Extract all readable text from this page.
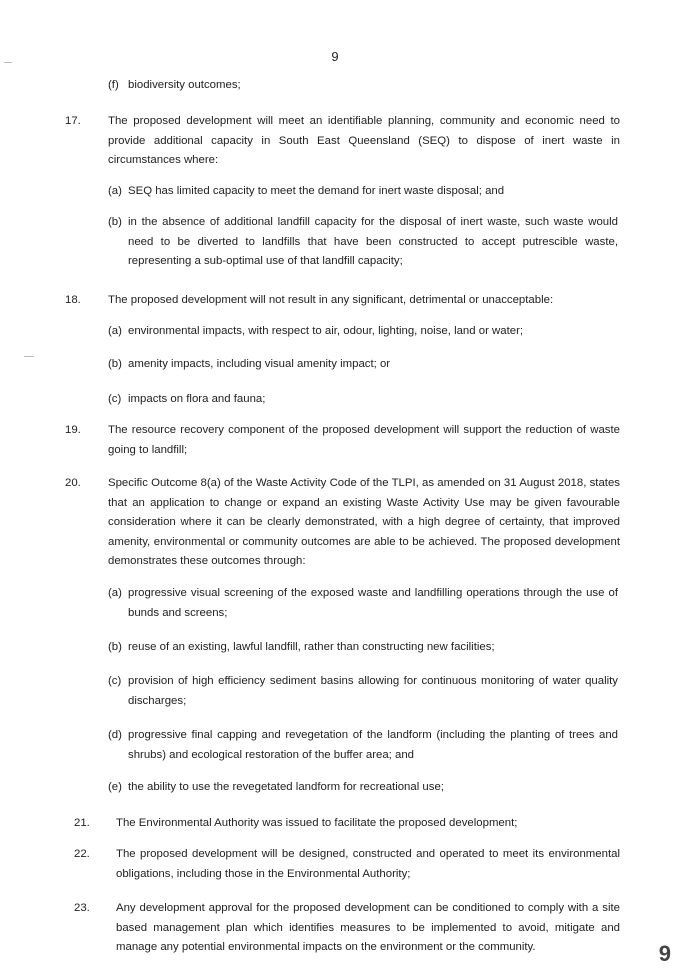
9
(f) biodiversity outcomes;
17.	The proposed development will meet an identifiable planning, community and economic need to provide additional capacity in South East Queensland (SEQ) to dispose of inert waste in circumstances where:
(a) SEQ has limited capacity to meet the demand for inert waste disposal; and
(b) in the absence of additional landfill capacity for the disposal of inert waste, such waste would need to be diverted to landfills that have been constructed to accept putrescible waste, representing a sub-optimal use of that landfill capacity;
18.	The proposed development will not result in any significant, detrimental or unacceptable:
(a) environmental impacts, with respect to air, odour, lighting, noise, land or water;
(b) amenity impacts, including visual amenity impact; or
(c) impacts on flora and fauna;
19.	The resource recovery component of the proposed development will support the reduction of waste going to landfill;
20.	Specific Outcome 8(a) of the Waste Activity Code of the TLPI, as amended on 31 August 2018, states that an application to change or expand an existing Waste Activity Use may be given favourable consideration where it can be clearly demonstrated, with a high degree of certainty, that improved amenity, environmental or community outcomes are able to be achieved. The proposed development demonstrates these outcomes through:
(a) progressive visual screening of the exposed waste and landfilling operations through the use of bunds and screens;
(b) reuse of an existing, lawful landfill, rather than constructing new facilities;
(c) provision of high efficiency sediment basins allowing for continuous monitoring of water quality discharges;
(d) progressive final capping and revegetation of the landform (including the planting of trees and shrubs) and ecological restoration of the buffer area; and
(e) the ability to use the revegetated landform for recreational use;
21.	The Environmental Authority was issued to facilitate the proposed development;
22.	The proposed development will be designed, constructed and operated to meet its environmental obligations, including those in the Environmental Authority;
23.	Any development approval for the proposed development can be conditioned to comply with a site based management plan which identifies measures to be implemented to avoid, mitigate and manage any potential environmental impacts on the environment or the community.	9
